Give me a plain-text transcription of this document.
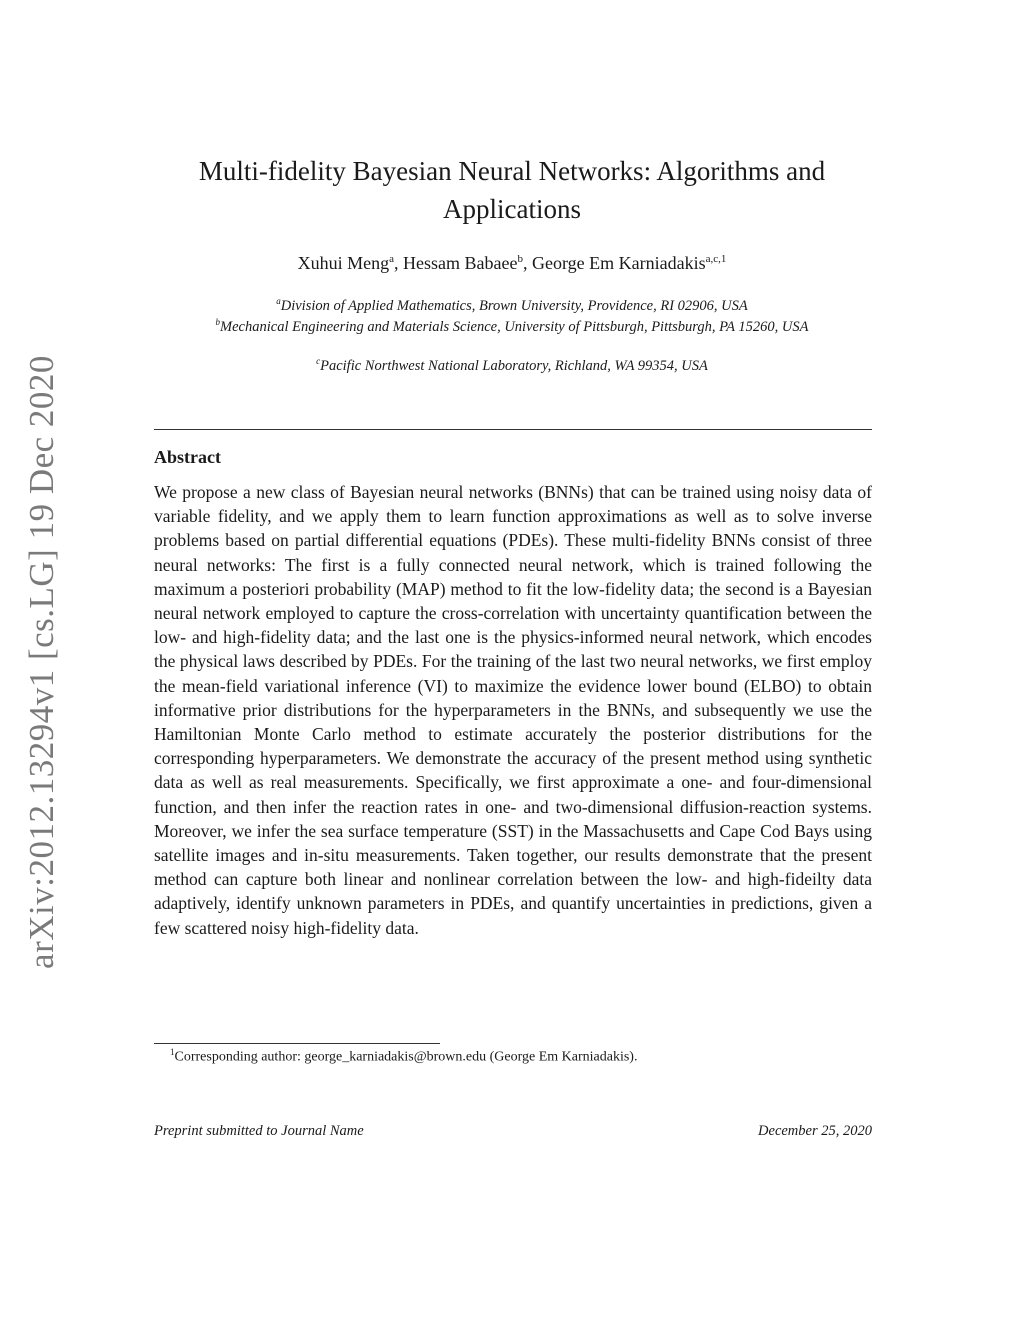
arXiv:2012.13294v1 [cs.LG] 19 Dec 2020
Multi-fidelity Bayesian Neural Networks: Algorithms and Applications
Xuhui Meng$^a$, Hessam Babaee$^b$, George Em Karniadakis$^{a,c,1}$
$^a$Division of Applied Mathematics, Brown University, Providence, RI 02906, USA
$^b$Mechanical Engineering and Materials Science, University of Pittsburgh, Pittsburgh, PA 15260, USA
$^c$Pacific Northwest National Laboratory, Richland, WA 99354, USA
Abstract
We propose a new class of Bayesian neural networks (BNNs) that can be trained using noisy data of variable fidelity, and we apply them to learn function approximations as well as to solve inverse problems based on partial differential equations (PDEs). These multi-fidelity BNNs consist of three neural networks: The first is a fully connected neural network, which is trained following the maximum a posteriori probability (MAP) method to fit the low-fidelity data; the second is a Bayesian neural network employed to capture the cross-correlation with uncertainty quantification between the low- and high-fidelity data; and the last one is the physics-informed neural network, which encodes the physical laws described by PDEs. For the training of the last two neural networks, we first employ the mean-field variational inference (VI) to maximize the evidence lower bound (ELBO) to obtain informative prior distributions for the hyperparameters in the BNNs, and subsequently we use the Hamiltonian Monte Carlo method to estimate accurately the posterior distributions for the corresponding hyperparameters. We demonstrate the accuracy of the present method using synthetic data as well as real measurements. Specifically, we first approximate a one- and four-dimensional function, and then infer the reaction rates in one- and two-dimensional diffusion-reaction systems. Moreover, we infer the sea surface temperature (SST) in the Massachusetts and Cape Cod Bays using satellite images and in-situ measurements. Taken together, our results demonstrate that the present method can capture both linear and nonlinear correlation between the low- and high-fideilty data adaptively, identify unknown parameters in PDEs, and quantify uncertainties in predictions, given a few scattered noisy high-fidelity data.
$^1$Corresponding author: george_karniadakis@brown.edu (George Em Karniadakis).
Preprint submitted to Journal Name	December 25, 2020
